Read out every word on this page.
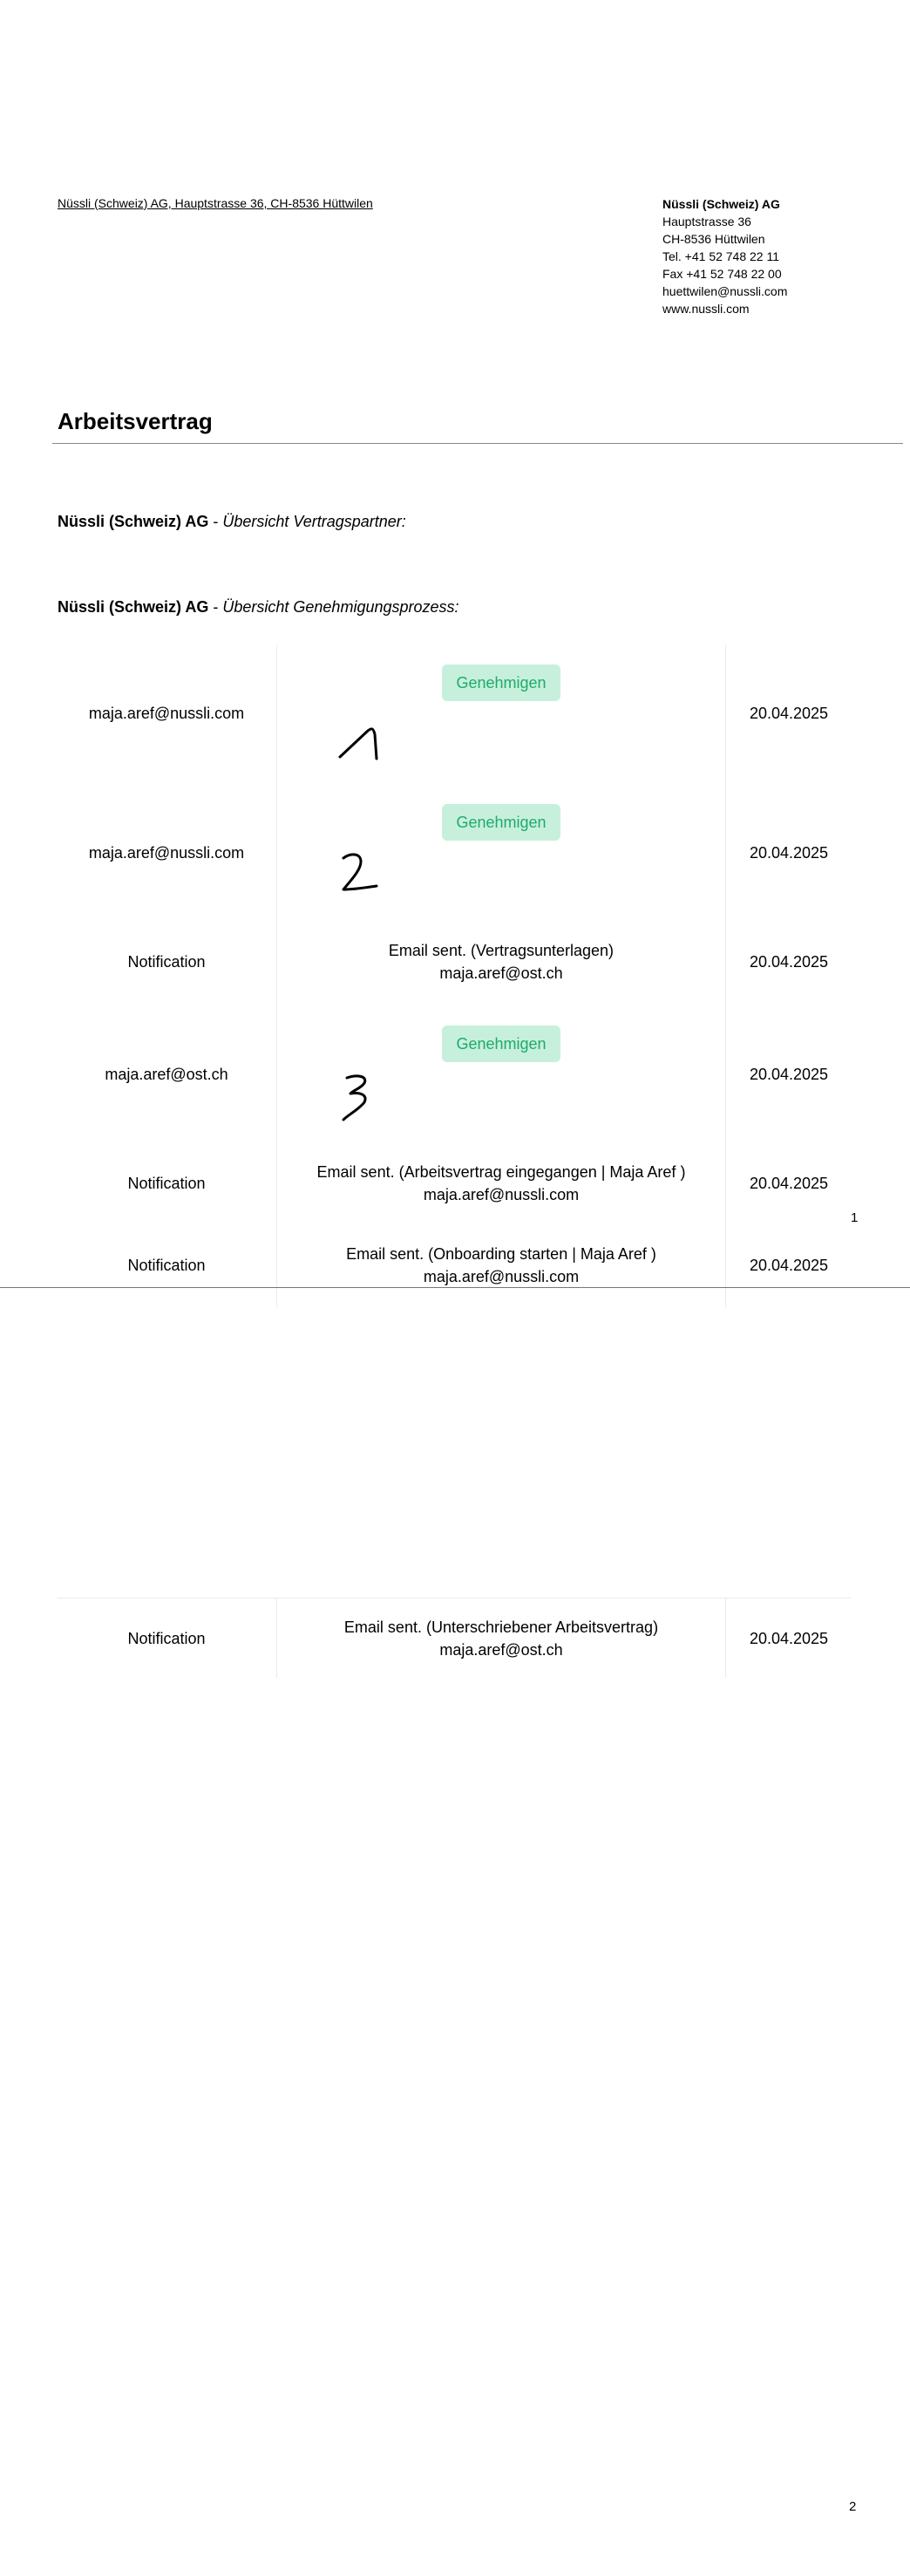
Nüssli (Schweiz) AG, Hauptstrasse 36, CH-8536 Hüttwilen	Nüssli (Schweiz) AG
Hauptstrasse 36
CH-8536 Hüttwilen
Tel. +41 52 748 22 11
Fax +41 52 748 22 00
huettwilen@nussli.com
www.nussli.com
Arbeitsvertrag
Nüssli (Schweiz) AG - Übersicht Vertragspartner:
Nüssli (Schweiz) AG - Übersicht Genehmigungsprozess:
maja.aref@nussli.com
Genehmigen
20.04.2025
maja.aref@nussli.com
Genehmigen
20.04.2025
Notification
Email sent. (Vertragsunterlagen)
maja.aref@ost.ch
20.04.2025
maja.aref@ost.ch
Genehmigen
20.04.2025
Notification
Email sent. (Arbeitsvertrag eingegangen | Maja Aref )
maja.aref@nussli.com
20.04.2025
1
Notification
Email sent. (Onboarding starten | Maja Aref )
maja.aref@nussli.com
20.04.2025
Notification
Email sent. (Unterschriebener Arbeitsvertrag)
maja.aref@ost.ch
20.04.2025
2
